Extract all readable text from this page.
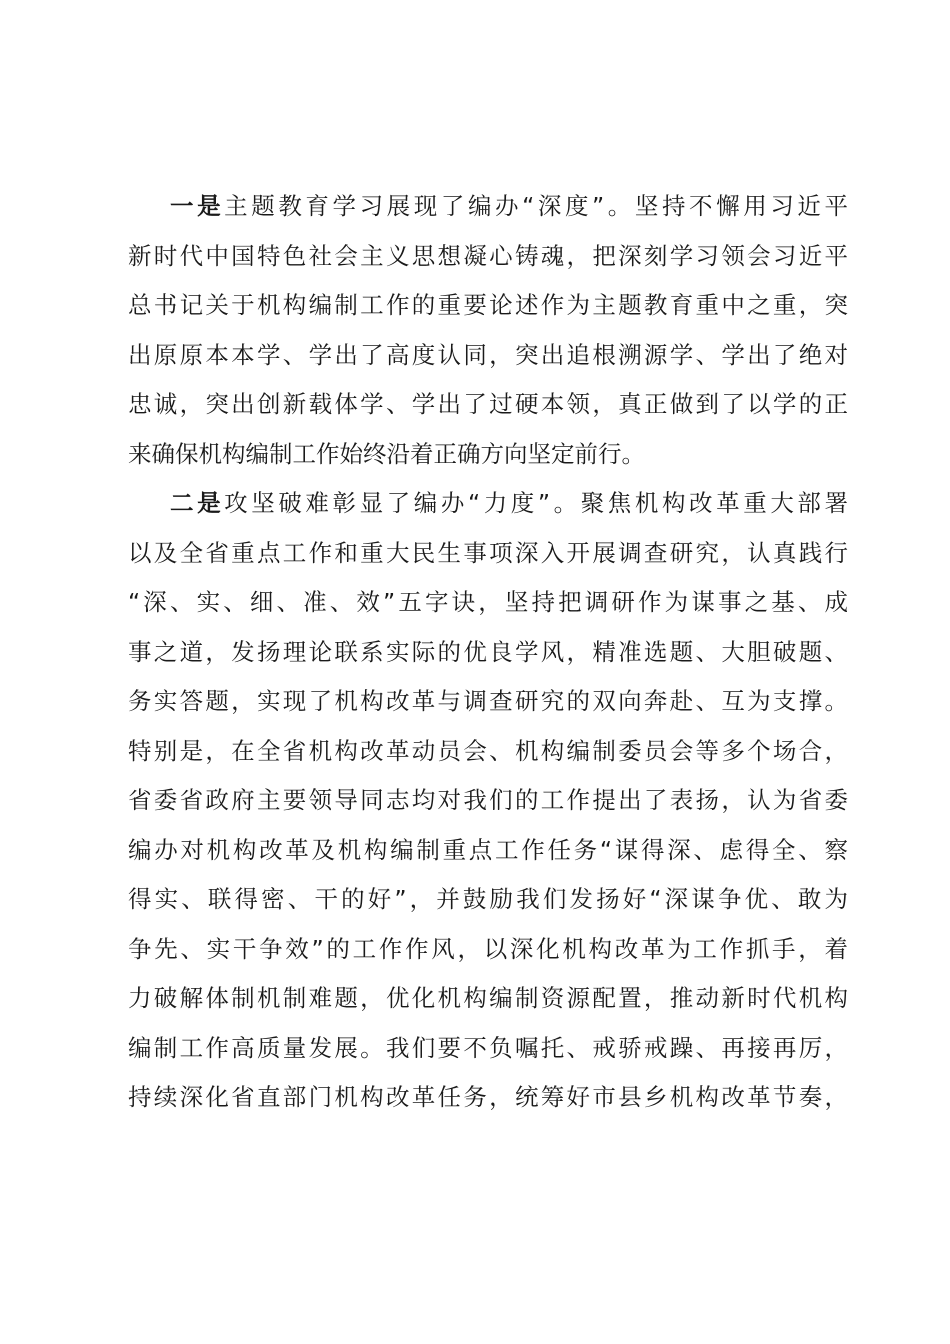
一是主题教育学习展现了编办“深度”。坚持不懈用习近平
新时代中国特色社会主义思想凝心铸魂，把深刻学习领会习近平
总书记关于机构编制工作的重要论述作为主题教育重中之重，突
出原原本本学、学出了高度认同，突出追根溯源学、学出了绝对
忠诚，突出创新载体学、学出了过硬本领，真正做到了以学的正
来确保机构编制工作始终沿着正确方向坚定前行。
二是攻坚破难彰显了编办“力度”。聚焦机构改革重大部署
以及全省重点工作和重大民生事项深入开展调查研究，认真践行
“深、实、细、准、效”五字诀，坚持把调研作为谋事之基、成
事之道，发扬理论联系实际的优良学风，精准选题、大胆破题、
务实答题，实现了机构改革与调查研究的双向奔赴、互为支撑。
特别是，在全省机构改革动员会、机构编制委员会等多个场合，
省委省政府主要领导同志均对我们的工作提出了表扬，认为省委
编办对机构改革及机构编制重点工作任务“谋得深、虑得全、察
得实、联得密、干的好”，并鼓励我们发扬好“深谋争优、敢为
争先、实干争效”的工作作风，以深化机构改革为工作抓手，着
力破解体制机制难题，优化机构编制资源配置，推动新时代机构
编制工作高质量发展。我们要不负嘱托、戒骄戒躁、再接再厉，
持续深化省直部门机构改革任务，统筹好市县乡机构改革节奏，
